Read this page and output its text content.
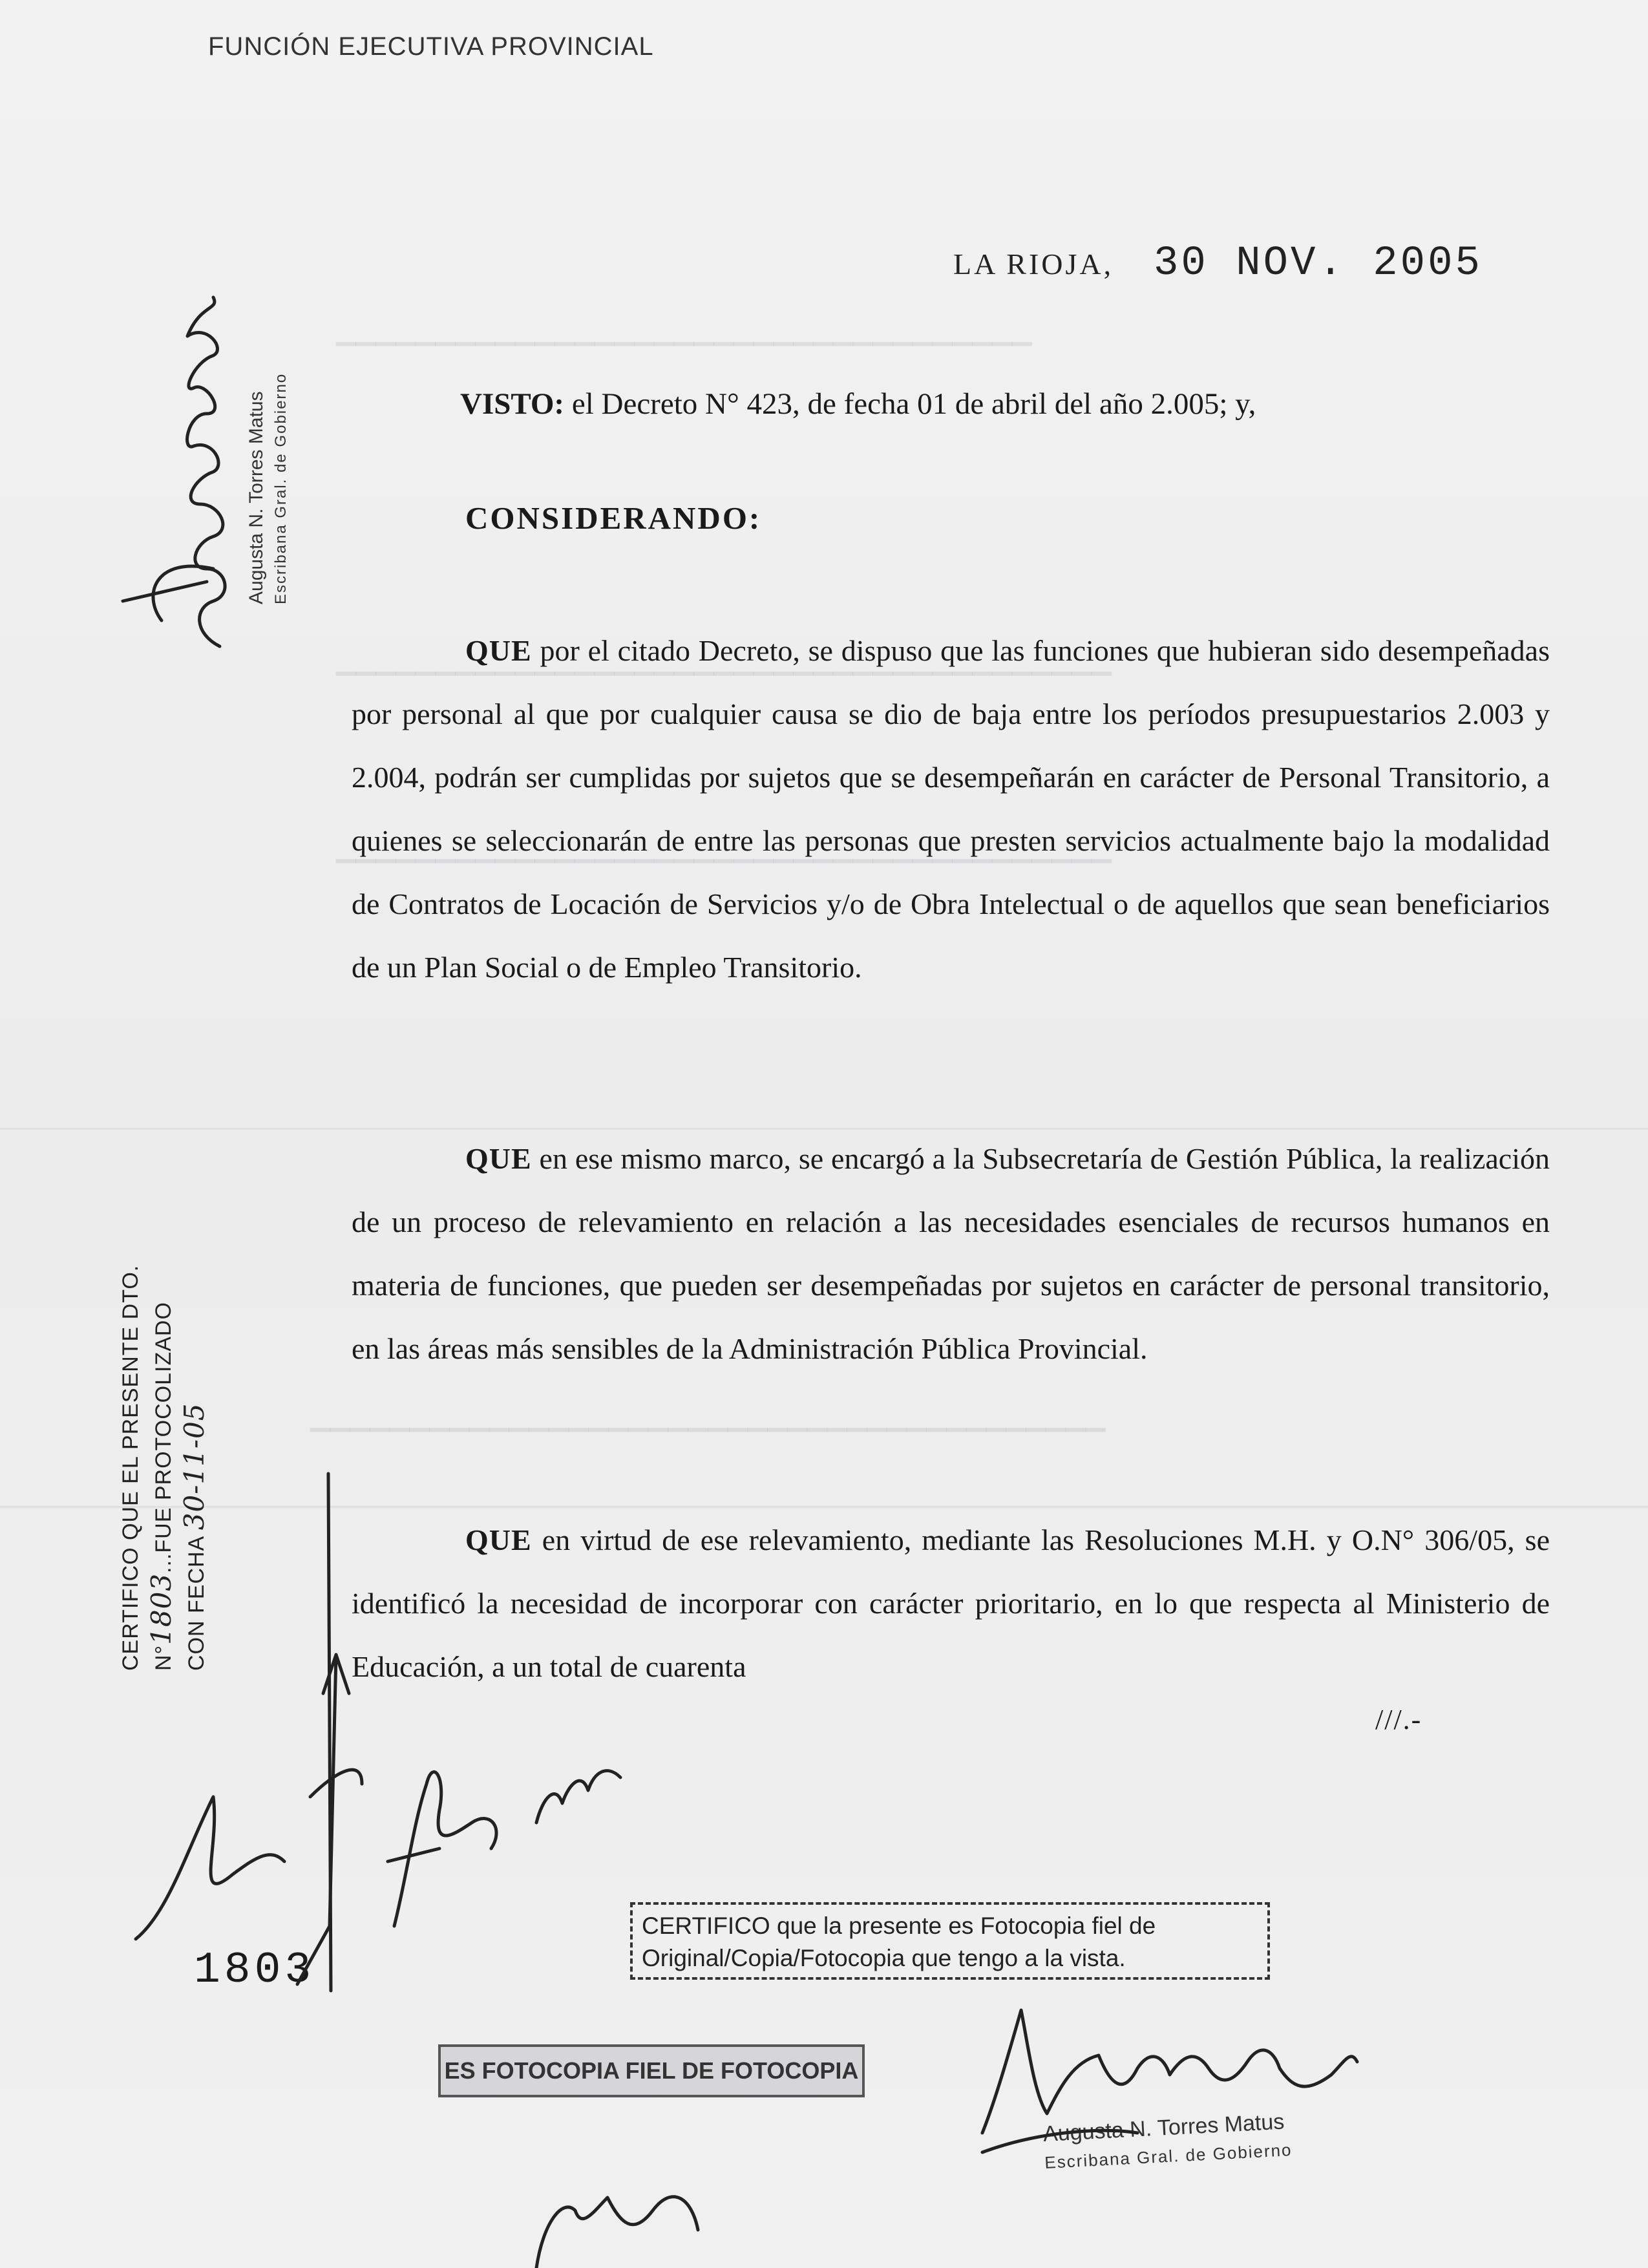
▔▔▔▔▔▔▔▔▔▔▔▔▔▔▔▔▔▔▔▔▔▔▔▔▔▔▔▔▔▔▔▔▔▔▔
▔▔▔▔▔▔▔▔▔▔▔▔▔▔▔▔▔▔▔▔▔▔▔▔▔▔▔▔▔▔▔▔▔▔▔▔▔▔▔
▔▔▔▔▔▔▔▔▔▔▔▔▔▔▔▔▔▔▔▔▔▔▔▔▔▔▔▔▔▔▔▔▔▔▔▔▔▔▔
▔▔▔▔▔▔▔▔▔▔▔▔▔▔▔▔▔▔▔▔▔▔▔▔▔▔▔▔▔▔▔▔▔▔▔▔▔▔▔▔
FUNCIÓN EJECUTIVA PROVINCIAL
LA RIOJA, 30 NOV. 2005
VISTO: el Decreto N° 423, de fecha 01 de abril del año 2.005; y,
CONSIDERANDO:
QUE por el citado Decreto, se dispuso que las funciones que hubieran sido desempeñadas por personal al que por cualquier causa se dio de baja entre los períodos presupuestarios 2.003 y 2.004, podrán ser cumplidas por sujetos que se desempeñarán en carácter de Personal Transitorio, a quienes se seleccionarán de entre las personas que presten servicios actualmente bajo la modalidad de Contratos de Locación de Servicios y/o de Obra Intelectual o de aquellos que sean beneficiarios de un Plan Social o de Empleo Transitorio.
QUE en ese mismo marco, se encargó a la Subsecretaría de Gestión Pública, la realización de un proceso de relevamiento en relación a las necesidades esenciales de recursos humanos en materia de funciones, que pueden ser desempeñadas por sujetos en carácter de personal transitorio, en las áreas más sensibles de la Administración Pública Provincial.
QUE en virtud de ese relevamiento, mediante las Resoluciones M.H. y O.N° 306/05, se identificó la necesidad de incorporar con carácter prioritario, en lo que respecta al Ministerio de Educación, a un total de cuarenta
///.-
Augusta N. Torres Matus Escribana Gral. de Gobierno
CERTIFICO QUE EL PRESENTE DTO. N°1803...FUE PROTOCOLIZADO
CON FECHA 30-11-05
1803
CERTIFICO que la presente es Fotocopia fiel de Original/Copia/Fotocopia que tengo a la vista.
ES FOTOCOPIA FIEL DE FOTOCOPIA
Augusta N. Torres Matus
Escribana Gral. de Gobierno
